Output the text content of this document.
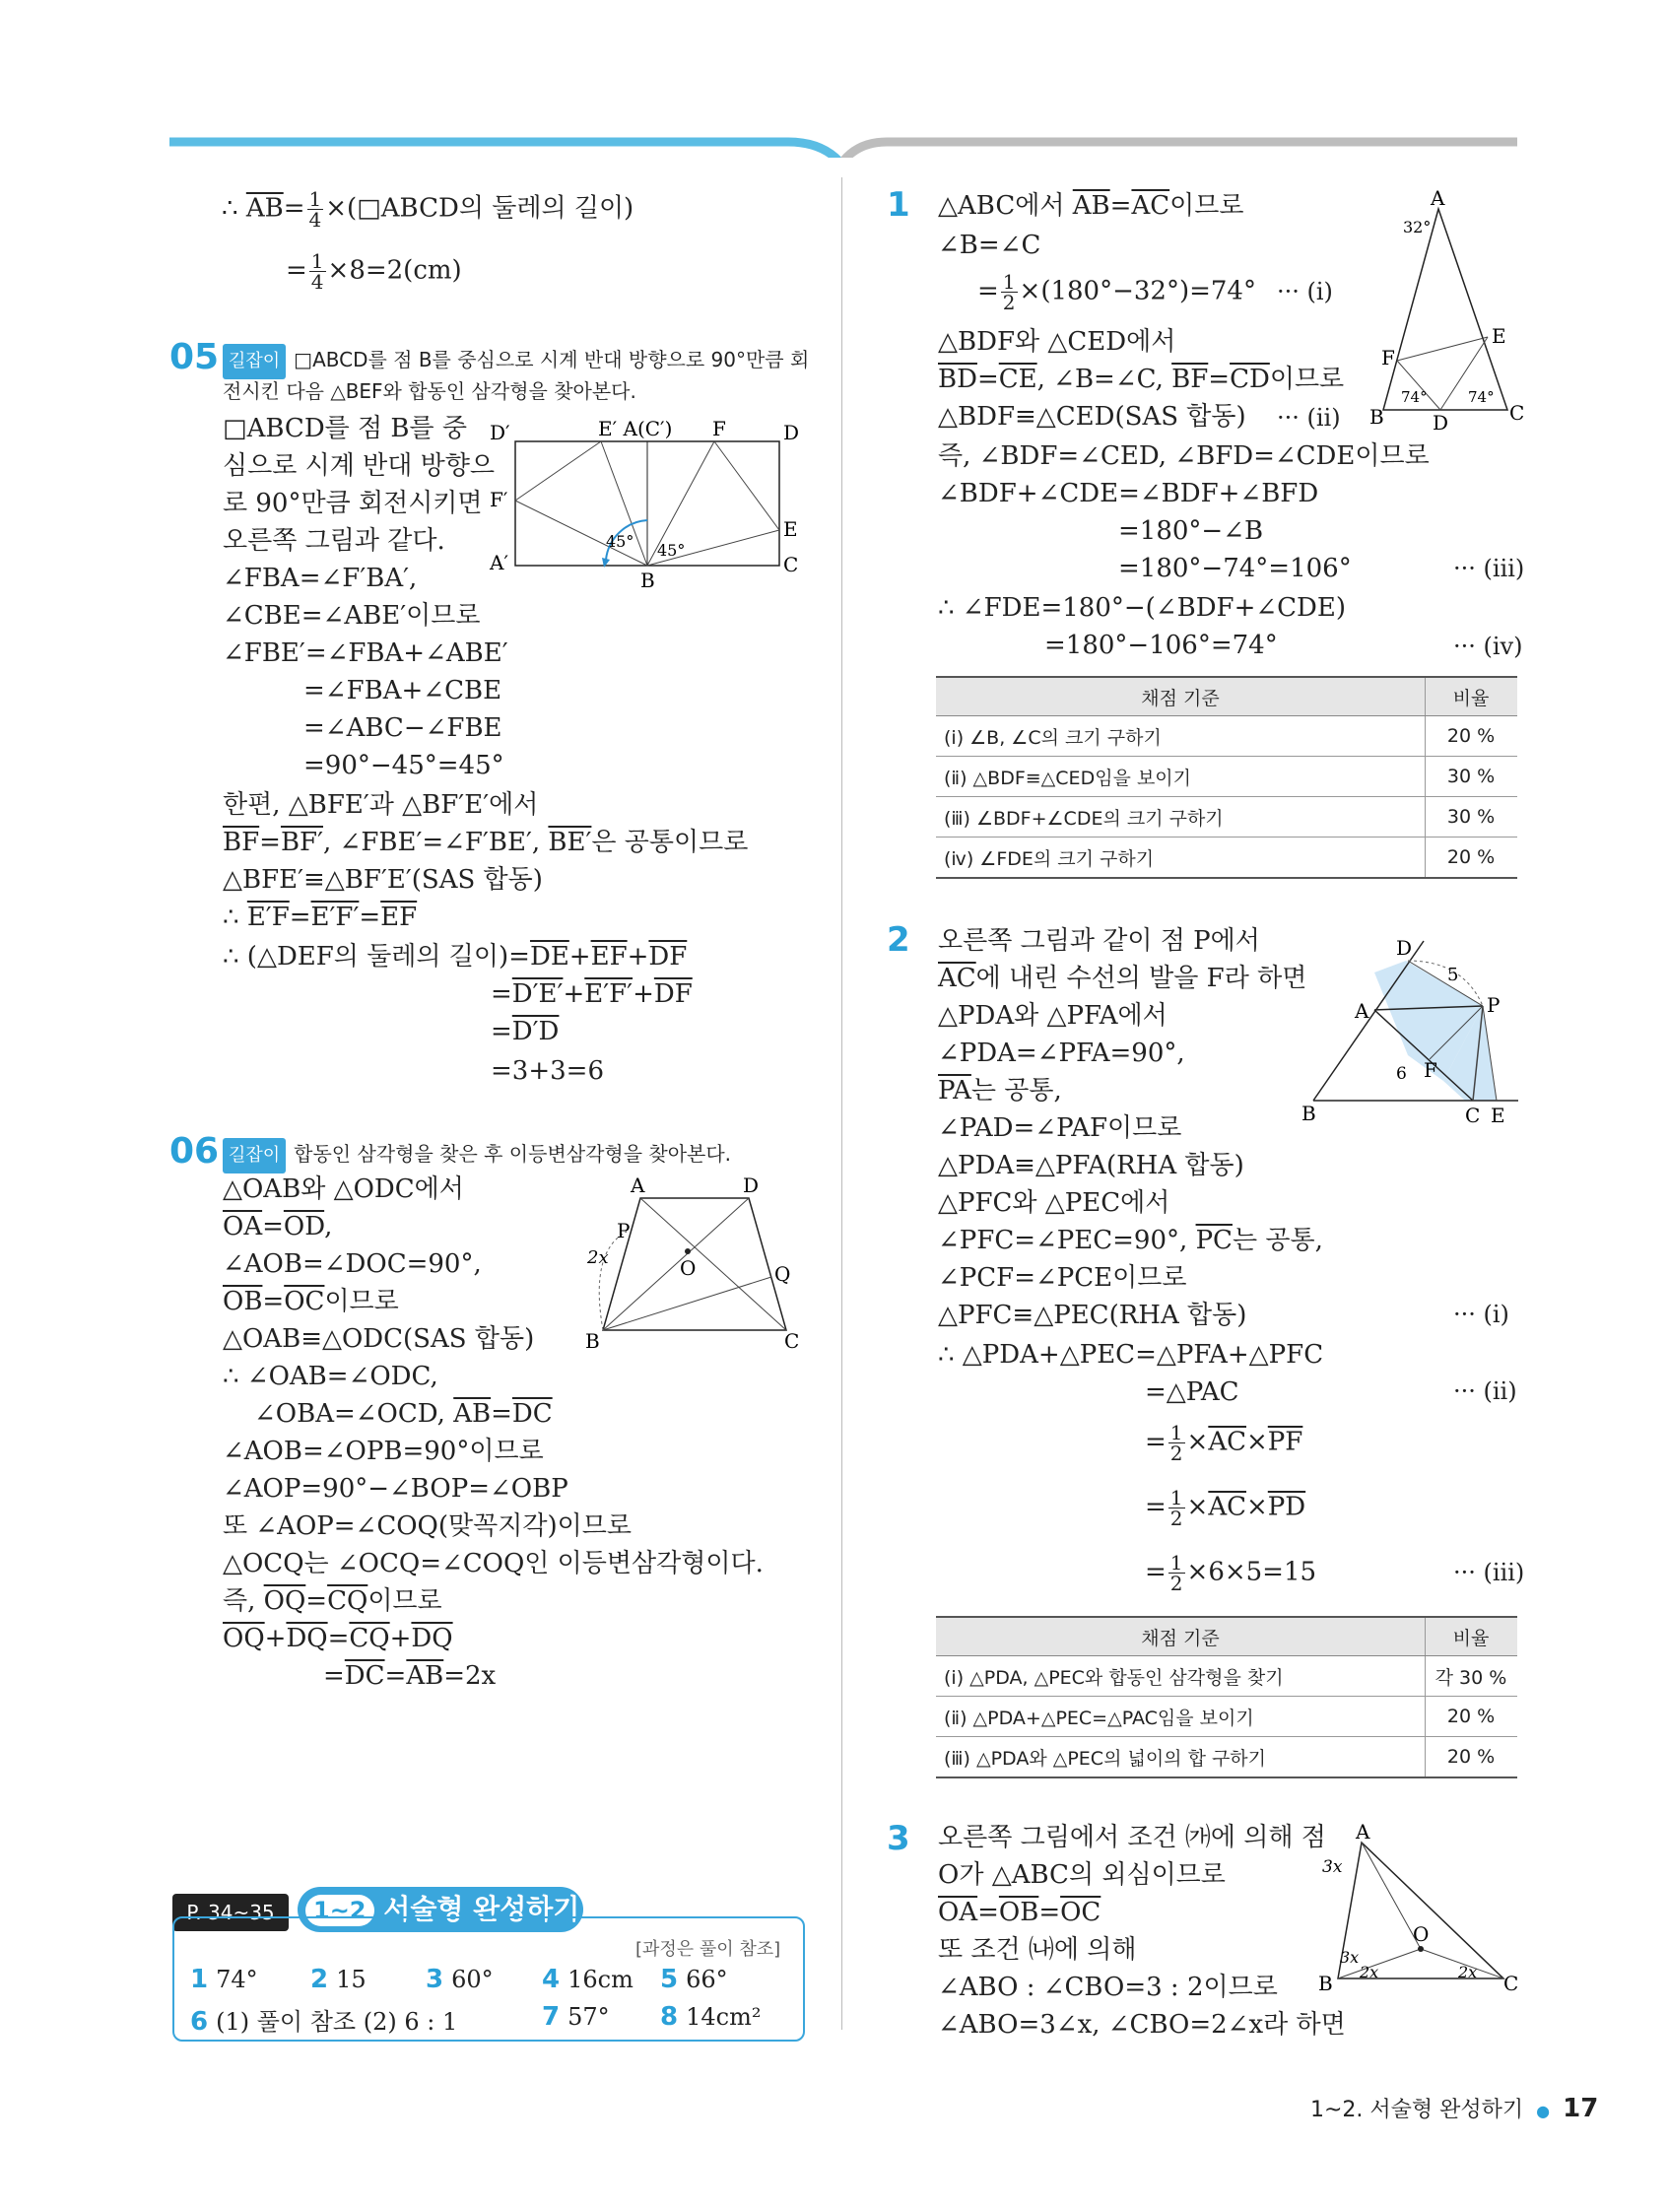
∴ $\overline{AB}= \frac{1}{4}$ ×(□ABCD의 둘레의 길이)
= $\frac{1}{4} \times 8=2(cm)$
05 길잡이 □ABCD를 점 B를 중심으로 시계 반대 방향으로 90°만큼 회
전시킨 다음 △BEF와 합동인 삼각형을 찾아본다.
□ABCD를 점 B를 중
심으로 시계 반대 방향으
로 90°만큼 회전시키면
오른쪽 그림과 같다.
∠FBA=∠F′BA′,
∠CBE=∠ABE′이므로
∠FBE′=∠FBA+∠ABE′
=∠FBA+∠CBE
=∠ABC−∠FBE
=90°−45°=45°
한편, △BFE′과 △BF′E′에서
$\overline{BF}=BF'$, ∠FBE′=∠F′BE′, BE′은 공통이므로
△BFE′≡△BF′E′(SAS 합동)
∴ $E'F=E'F'=\overline{EF}$
∴ (△DEF의 둘레의 길이)$=\overline{DE}+\overline{EF}+\overline{DF}$
$=D'E'+E'F'+\overline{DF}$
=D′D
=3+3=6
D′	E′ A(C′) F	D
F′
E
A′
B
C
45° 45°
06 길잡이 합동인 삼각형을 찾은 후 이등변삼각형을 찾아본다.
△OAB와 △ODC에서
$\overline{OA}=\overline{OD}$,
∠AOB=∠DOC=90°,
$\overline{OB}=\overline{OC}$이므로
△OAB≡△ODC(SAS 합동)
∴ ∠OAB=∠ODC,
∠OBA=∠OCD, $\overline{AB}=\overline{DC}$
∠AOB=∠OPB=90°이므로
∠AOP=90°−∠BOP=∠OBP
또 ∠AOP=∠COQ(맞꼭지각)이므로
△OCQ는 ∠OCQ=∠COQ인 이등변삼각형이다.
즉, $\overline{OQ}=\overline{CQ}$이므로
$\overline{OQ}+\overline{DQ}=\overline{CQ}+\overline{DQ}$
$=\overline{DC}=\overline{AB}=2x$
A	D
P
2x	O	Q
B	C
P. 34~35	1~2 서술형 완성하기
[과정은 풀이 참조]
1 74° 2 15 3 60° 4 16cm 5 66°
6 (1) 풀이 참조 (2) 6 : 1	7 57° 8 14cm²
1 △ABC에서 $\overline{AB}=\overline{AC}$이므로
∠B=∠C
= $\frac{1}{2} \times(180^\circ-32^\circ)=74^\circ$ ··· (ⅰ)
△BDF와 △CED에서
$\overline{BD}=\overline{CE}$, ∠B=∠C, $\overline{BF}=\overline{CD}$이므로
△BDF≡△CED(SAS 합동) ··· (ⅱ)
즉, ∠BDF=∠CED, ∠BFD=∠CDE이므로
∠BDF+∠CDE=∠BDF+∠BFD
=180°−∠B
=180°−74°=106°	··· (ⅲ)
∴ ∠FDE=180°−(∠BDF+∠CDE)
=180°−106°=74°	··· (ⅳ)
A
32°
E
F
74°	74°
B D	C
채점 기준	비율
(ⅰ) ∠B, ∠C의 크기 구하기	20 %
(ⅱ) △BDF≡△CED임을 보이기	30 %
(ⅲ) ∠BDF+∠CDE의 크기 구하기	30 %
(ⅳ) ∠FDE의 크기 구하기	20 %
2 오른쪽 그림과 같이 점 P에서
$\overline{AC}$에 내린 수선의 발을 F라 하면
△PDA와 △PFA에서
∠PDA=∠PFA=90°,
$\overline{PA}$는 공통,
∠PAD=∠PAF이므로
△PDA≡△PFA(RHA 합동)
△PFC와 △PEC에서
∠PFC=∠PEC=90°, $\overline{PC}$는 공통,
∠PCF=∠PCE이므로
△PFC≡△PEC(RHA 합동)	··· (ⅰ)
∴ △PDA+△PEC=△PFA+△PFC
=△PAC	··· (ⅱ)
= $\frac{1}{2} \times\overline{AC}\times\overline{PF}$
= $\frac{1}{2} \times\overline{AC}\times\overline{PD}$
= $\frac{1}{2} \times 6\times 5=15$	··· (ⅲ)
D
5
A	P
F
6
B	C E
채점 기준	비율
(ⅰ) △PDA, △PEC와 합동인 삼각형을 찾기	각 30 %
(ⅱ) △PDA+△PEC=△PAC임을 보이기	20 %
(ⅲ) △PDA와 △PEC의 넓이의 합 구하기	20 %
3 오른쪽 그림에서 조건 ㈎에 의해 점
O가 △ABC의 외심이므로
$\overline{OA}=\overline{OB}=\overline{OC}$
또 조건 ㈏에 의해
∠ABO : ∠CBO=3 : 2이므로
∠ABO=3∠x, ∠CBO=2∠x라 하면
A
3x
O
3x
2x	2x
B	C
1~2. 서술형 완성하기 ● 17
